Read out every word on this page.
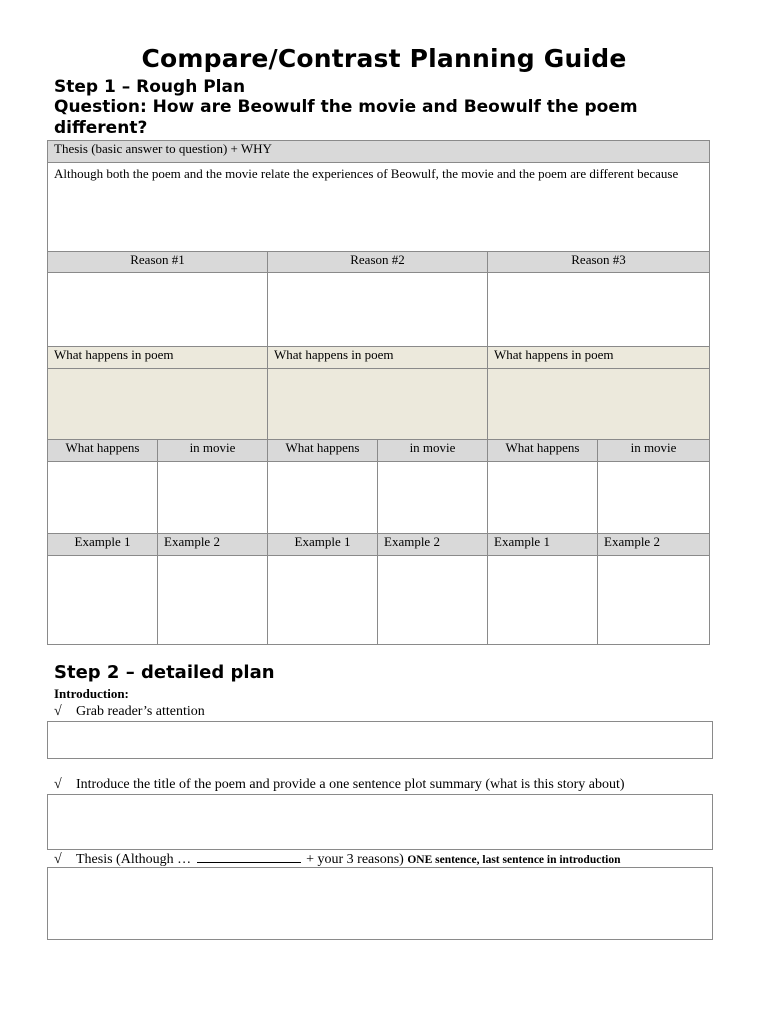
Compare/Contrast Planning Guide
Step 1 – Rough Plan
Question: How are Beowulf the movie and Beowulf the poem different?
Thesis (basic answer to question) + WHY					
Although both the poem and the movie relate the experiences of Beowulf, the movie and the poem are different because					
Reason #1		Reason #2		Reason #3	

What happens in poem		What happens in poem		What happens in poem	

What happens	in movie	What happens	in movie	What happens	in movie

Example 1	Example 2	Example 1	Example 2	Example 1	Example 2

Step 2 – detailed plan
Introduction:
√ Grab reader’s attention
√ Introduce the title of the poem and provide a one sentence plot summary (what is this story about)
√ Thesis (Although …	+ your 3 reasons) ONE sentence, last sentence in introduction
